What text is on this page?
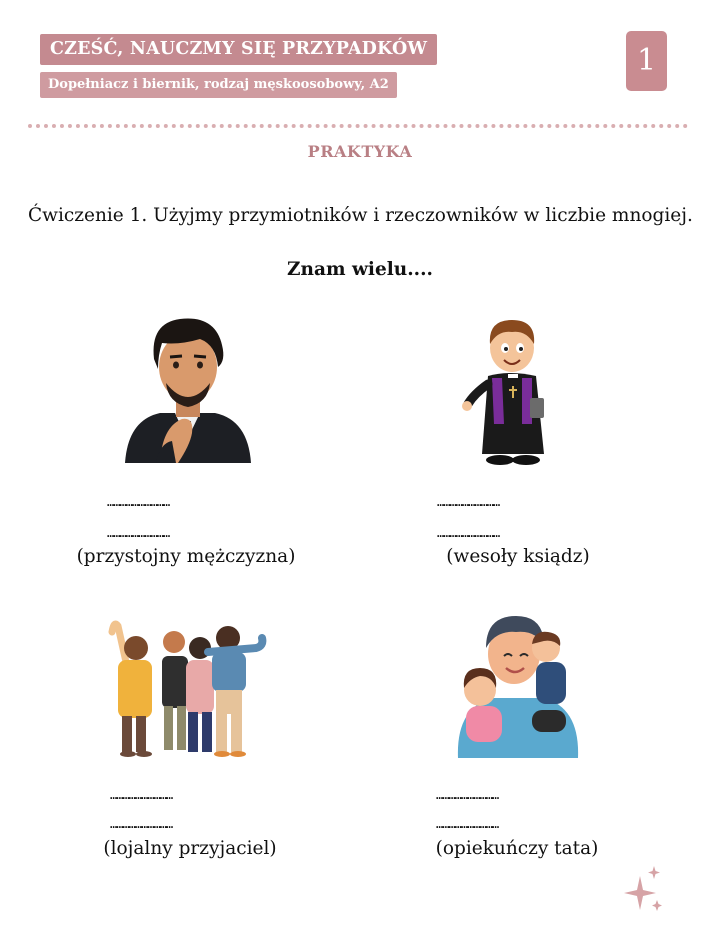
CZEŚĆ, NAUCZMY SIĘ PRZYPADKÓW
Dopełniacz i biernik, rodzaj męskoosobowy, A2
1
PRAKTYKA
Ćwiczenie 1. Użyjmy przymiotników i rzeczowników w liczbie mnogiej.
Znam wielu....
…………………………
…………………………
(przystojny mężczyzna)
…………………………
…………………………
(wesoły ksiądz)
…………………………
…………………………
(lojalny przyjaciel)
…………………………
…………………………
(opiekuńczy tata)
